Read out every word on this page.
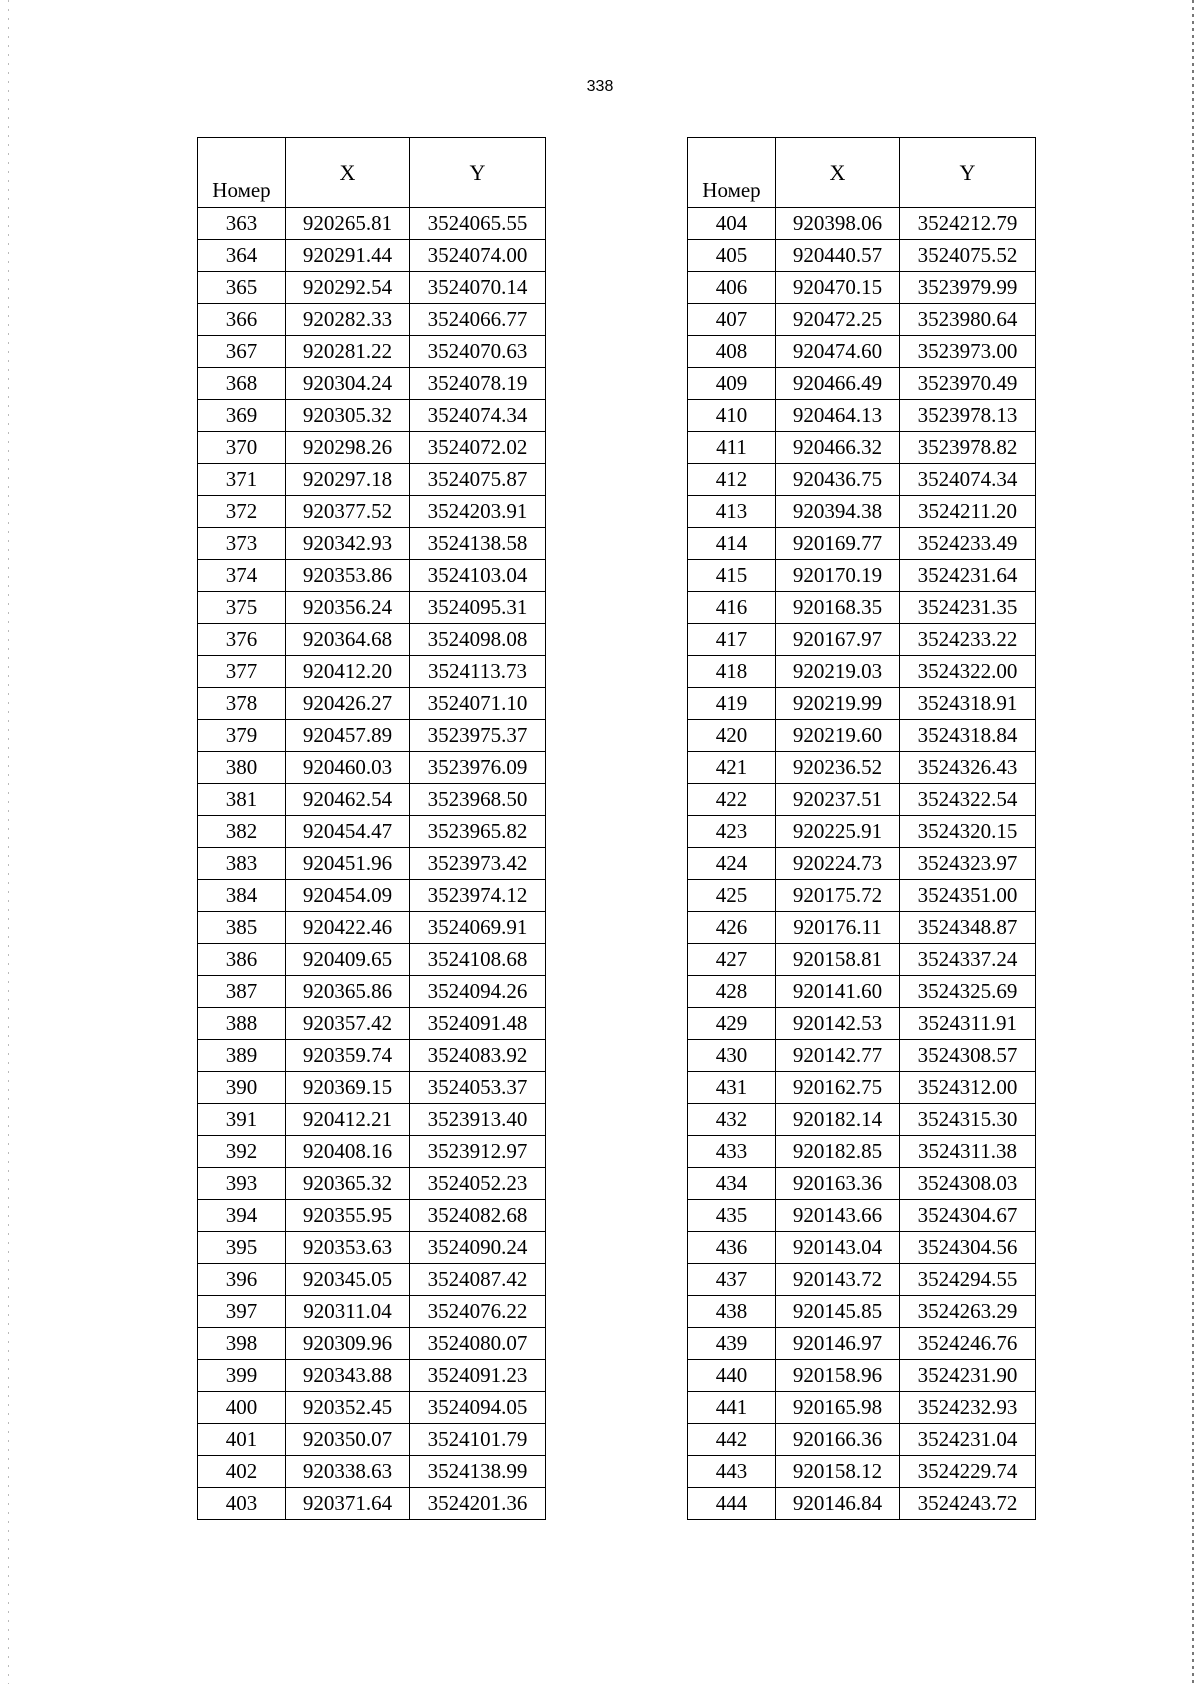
338
Номер	X	Y
363	920265.81	3524065.55
364	920291.44	3524074.00
365	920292.54	3524070.14
366	920282.33	3524066.77
367	920281.22	3524070.63
368	920304.24	3524078.19
369	920305.32	3524074.34
370	920298.26	3524072.02
371	920297.18	3524075.87
372	920377.52	3524203.91
373	920342.93	3524138.58
374	920353.86	3524103.04
375	920356.24	3524095.31
376	920364.68	3524098.08
377	920412.20	3524113.73
378	920426.27	3524071.10
379	920457.89	3523975.37
380	920460.03	3523976.09
381	920462.54	3523968.50
382	920454.47	3523965.82
383	920451.96	3523973.42
384	920454.09	3523974.12
385	920422.46	3524069.91
386	920409.65	3524108.68
387	920365.86	3524094.26
388	920357.42	3524091.48
389	920359.74	3524083.92
390	920369.15	3524053.37
391	920412.21	3523913.40
392	920408.16	3523912.97
393	920365.32	3524052.23
394	920355.95	3524082.68
395	920353.63	3524090.24
396	920345.05	3524087.42
397	920311.04	3524076.22
398	920309.96	3524080.07
399	920343.88	3524091.23
400	920352.45	3524094.05
401	920350.07	3524101.79
402	920338.63	3524138.99
403	920371.64	3524201.36
Номер	X	Y
404	920398.06	3524212.79
405	920440.57	3524075.52
406	920470.15	3523979.99
407	920472.25	3523980.64
408	920474.60	3523973.00
409	920466.49	3523970.49
410	920464.13	3523978.13
411	920466.32	3523978.82
412	920436.75	3524074.34
413	920394.38	3524211.20
414	920169.77	3524233.49
415	920170.19	3524231.64
416	920168.35	3524231.35
417	920167.97	3524233.22
418	920219.03	3524322.00
419	920219.99	3524318.91
420	920219.60	3524318.84
421	920236.52	3524326.43
422	920237.51	3524322.54
423	920225.91	3524320.15
424	920224.73	3524323.97
425	920175.72	3524351.00
426	920176.11	3524348.87
427	920158.81	3524337.24
428	920141.60	3524325.69
429	920142.53	3524311.91
430	920142.77	3524308.57
431	920162.75	3524312.00
432	920182.14	3524315.30
433	920182.85	3524311.38
434	920163.36	3524308.03
435	920143.66	3524304.67
436	920143.04	3524304.56
437	920143.72	3524294.55
438	920145.85	3524263.29
439	920146.97	3524246.76
440	920158.96	3524231.90
441	920165.98	3524232.93
442	920166.36	3524231.04
443	920158.12	3524229.74
444	920146.84	3524243.72
